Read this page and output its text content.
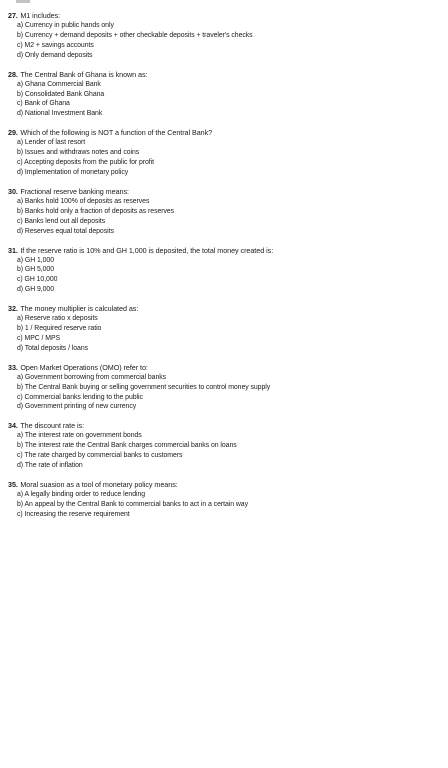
27. M1 includes:
a) Currency in public hands only
b) Currency + demand deposits + other checkable deposits + traveler's checks
c) M2 + savings accounts
d) Only demand deposits
28. The Central Bank of Ghana is known as:
a) Ghana Commercial Bank
b) Consolidated Bank Ghana
c) Bank of Ghana
d) National Investment Bank
29. Which of the following is NOT a function of the Central Bank?
a) Lender of last resort
b) Issues and withdraws notes and coins
c) Accepting deposits from the public for profit
d) Implementation of monetary policy
30. Fractional reserve banking means:
a) Banks hold 100% of deposits as reserves
b) Banks hold only a fraction of deposits as reserves
c) Banks lend out all deposits
d) Reserves equal total deposits
31. If the reserve ratio is 10% and GH 1,000 is deposited, the total money created is:
a) GH 1,000
b) GH 5,000
c) GH 10,000
d) GH 9,000
32. The money multiplier is calculated as:
a) Reserve ratio x deposits
b) 1 / Required reserve ratio
c) MPC / MPS
d) Total deposits / loans
33. Open Market Operations (OMO) refer to:
a) Government borrowing from commercial banks
b) The Central Bank buying or selling government securities to control money supply
c) Commercial banks lending to the public
d) Government printing of new currency
34. The discount rate is:
a) The interest rate on government bonds
b) The interest rate the Central Bank charges commercial banks on loans
c) The rate charged by commercial banks to customers
d) The rate of inflation
35. Moral suasion as a tool of monetary policy means:
a) A legally binding order to reduce lending
b) An appeal by the Central Bank to commercial banks to act in a certain way
c) Increasing the reserve requirement
